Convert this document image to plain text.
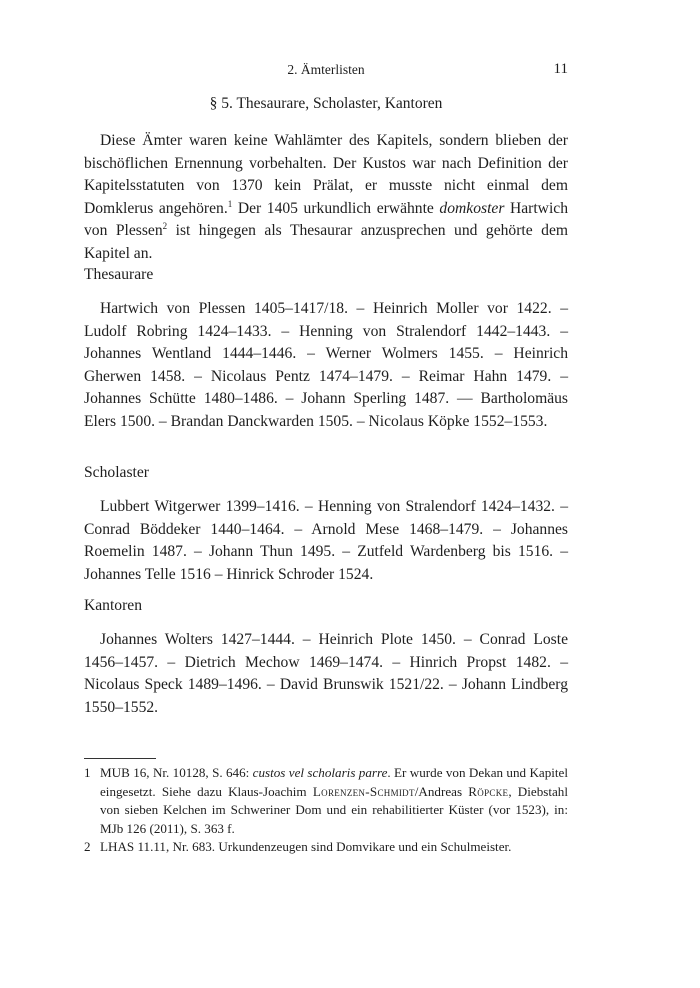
2. Ämterlisten	11
§ 5. Thesaurare, Scholaster, Kantoren

Diese Ämter waren keine Wahlämter des Kapitels, sondern blieben der bischöflichen Ernennung vorbehalten. Der Kustos war nach Definition der Kapitelsstatuten von 1370 kein Prälat, er musste nicht einmal dem Domklerus angehören.$^1$ Der 1405 urkundlich erwähnte domkoster Hartwich von Plessen$^2$ ist hingegen als Thesaurar anzusprechen und gehörte dem Kapitel an.

Thesaurare

Hartwich von Plessen 1405–1417/18. – Heinrich Moller vor 1422. – Ludolf Robring 1424–1433. – Henning von Stralendorf 1442–1443. – Johannes Wentland 1444–1446. – Werner Wolmers 1455. – Heinrich Gherwen 1458. – Nicolaus Pentz 1474–1479. – Reimar Hahn 1479. – Johannes Schütte 1480–1486. – Johann Sperling 1487. — Bartholomäus Elers 1500. – Brandan Danckwarden 1505. – Nicolaus Köpke 1552–1553.

Scholaster

Lubbert Witgerwer 1399–1416. – Henning von Stralendorf 1424–1432. – Conrad Böddeker 1440–1464. – Arnold Mese 1468–1479. – Johannes Roemelin 1487. – Johann Thun 1495. – Zutfeld Wardenberg bis 1516. – Johannes Telle 1516 – Hinrick Schroder 1524.

Kantoren

Johannes Wolters 1427–1444. – Heinrich Plote 1450. – Conrad Loste 1456–1457. – Dietrich Mechow 1469–1474. – Hinrich Propst 1482. – Nicolaus Speck 1489–1496. – David Brunswik 1521/22. – Johann Lindberg 1550–1552.

1 MUB 16, Nr. 10128, S. 646: custos vel scholaris parre. Er wurde von Dekan und Kapitel eingesetzt. Siehe dazu Klaus-Joachim Lorenzen-Schmidt/Andreas Röpcke, Diebstahl von sieben Kelchen im Schweriner Dom und ein rehabilitierter Küster (vor 1523), in: MJb 126 (2011), S. 363 f.

2 LHAS 11.11, Nr. 683. Urkundenzeugen sind Domvikare und ein Schulmeister.
